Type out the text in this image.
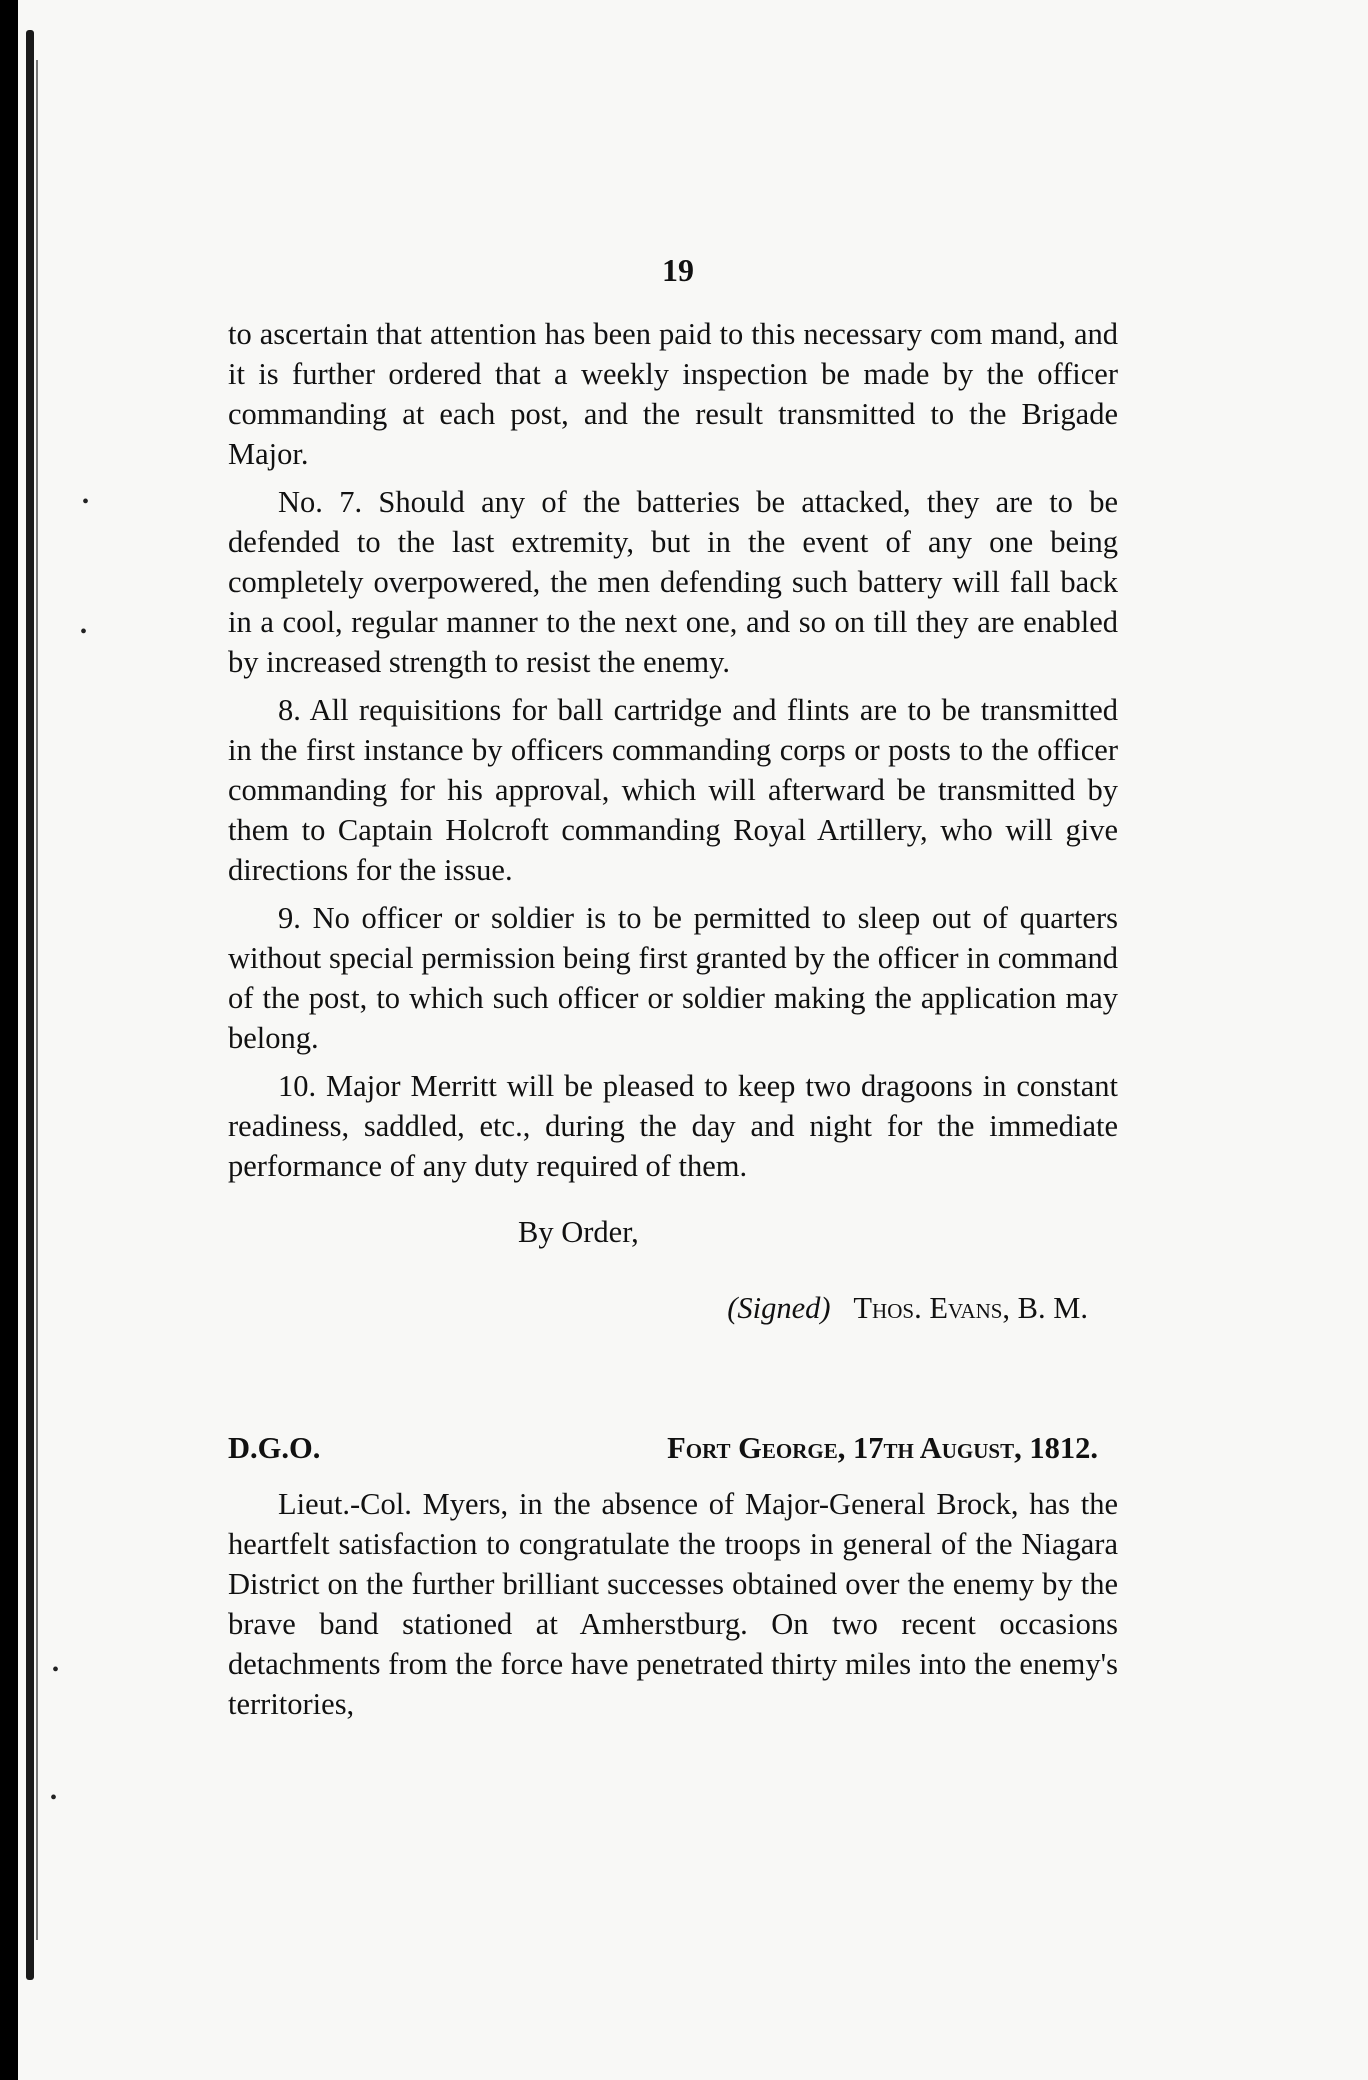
•
•
•
•
19

to ascertain that attention has been paid to this necessary com mand, and it is further ordered that a weekly inspection be made by the officer commanding at each post, and the result transmitted to the Brigade Major.

No. 7. Should any of the batteries be attacked, they are to be defended to the last extremity, but in the event of any one being completely overpowered, the men defending such battery will fall back in a cool, regular manner to the next one, and so on till they are enabled by increased strength to resist the enemy.

8. All requisitions for ball cartridge and flints are to be transmitted in the first instance by officers commanding corps or posts to the officer commanding for his approval, which will afterward be transmitted by them to Captain Holcroft commanding Royal Artillery, who will give directions for the issue.

9. No officer or soldier is to be permitted to sleep out of quarters without special permission being first granted by the officer in command of the post, to which such officer or soldier making the application may belong.

10. Major Merritt will be pleased to keep two dragoons in constant readiness, saddled, etc., during the day and night for the immediate performance of any duty required of them.

By Order,
(Signed) Thos. Evans, B. M.
D.G.O.	Fort George, 17th August, 1812.

Lieut.-Col. Myers, in the absence of Major-General Brock, has the heartfelt satisfaction to congratulate the troops in general of the Niagara District on the further brilliant successes obtained over the enemy by the brave band stationed at Amherstburg. On two recent occasions detachments from the force have penetrated thirty miles into the enemy's territories,
